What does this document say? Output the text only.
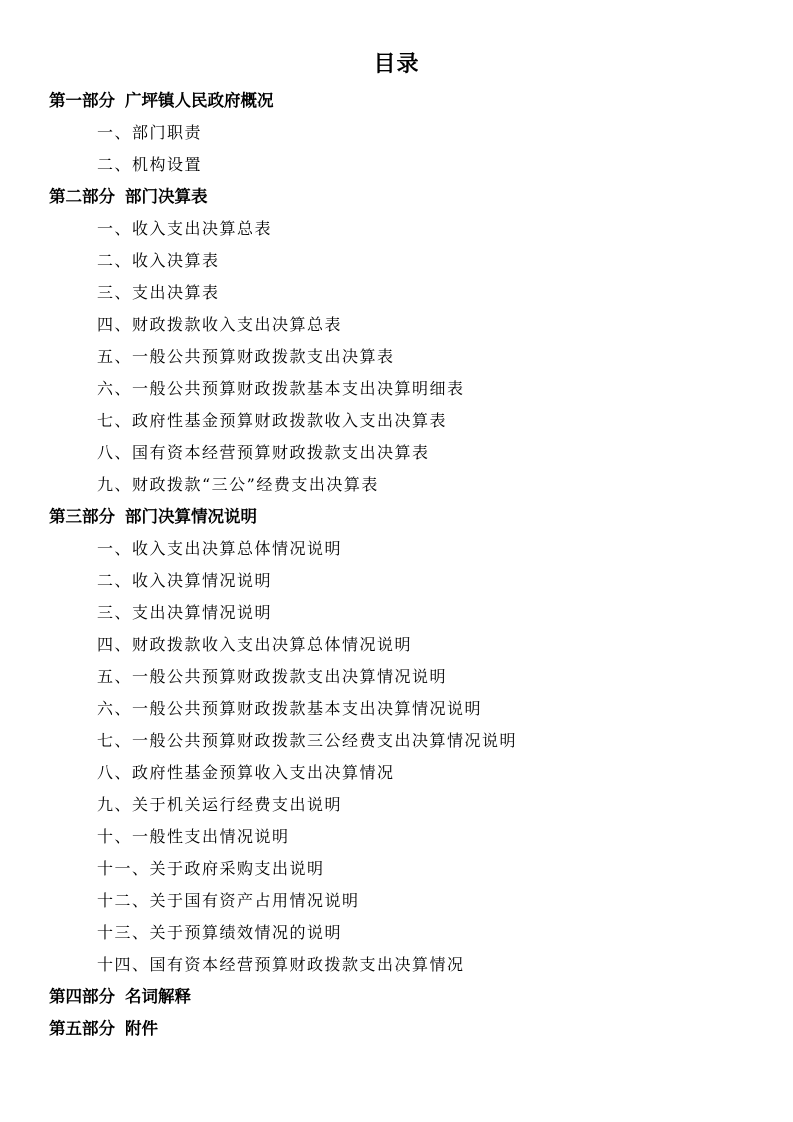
目录
第一部分 广坪镇人民政府概况
一、部门职责
二、机构设置
第二部分 部门决算表
一、收入支出决算总表
二、收入决算表
三、支出决算表
四、财政拨款收入支出决算总表
五、一般公共预算财政拨款支出决算表
六、一般公共预算财政拨款基本支出决算明细表
七、政府性基金预算财政拨款收入支出决算表
八、国有资本经营预算财政拨款支出决算表
九、财政拨款“三公”经费支出决算表
第三部分 部门决算情况说明
一、收入支出决算总体情况说明
二、收入决算情况说明
三、支出决算情况说明
四、财政拨款收入支出决算总体情况说明
五、一般公共预算财政拨款支出决算情况说明
六、一般公共预算财政拨款基本支出决算情况说明
七、一般公共预算财政拨款三公经费支出决算情况说明
八、政府性基金预算收入支出决算情况
九、关于机关运行经费支出说明
十、一般性支出情况说明
十一、关于政府采购支出说明
十二、关于国有资产占用情况说明
十三、关于预算绩效情况的说明
十四、国有资本经营预算财政拨款支出决算情况
第四部分 名词解释
第五部分 附件
